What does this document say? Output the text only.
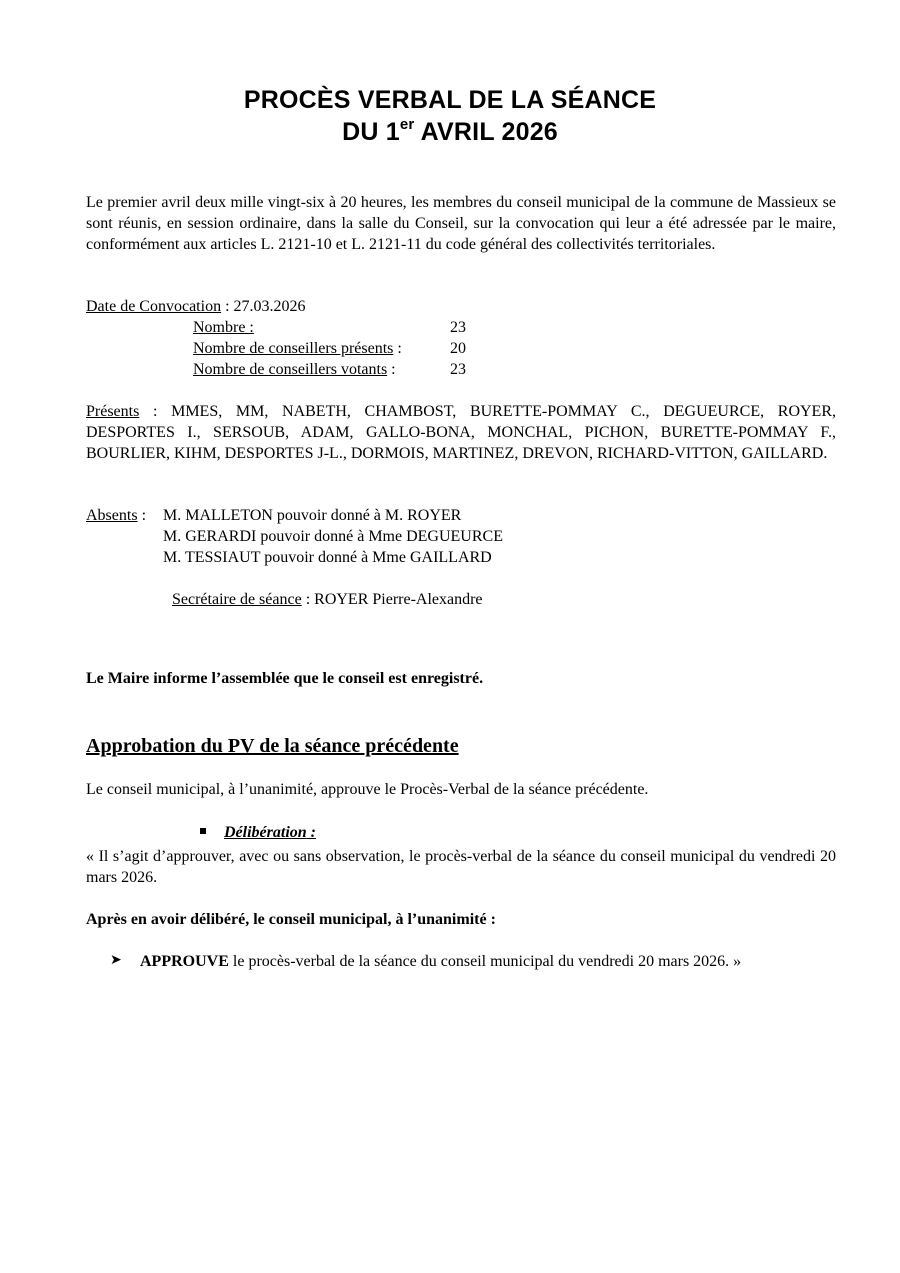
PROCÈS VERBAL DE LA SÉANCE
DU 1er AVRIL 2026
Le premier avril deux mille vingt-six à 20 heures, les membres du conseil municipal de la commune de Massieux se sont réunis, en session ordinaire, dans la salle du Conseil, sur la convocation qui leur a été adressée par le maire, conformément aux articles L. 2121-10 et L. 2121-11 du code général des collectivités territoriales.
Date de Convocation : 27.03.2026
Nombre :	23
Nombre de conseillers présents :	20
Nombre de conseillers votants :	23
Présents : MMES, MM, NABETH, CHAMBOST, BURETTE-POMMAY C., DEGUEURCE, ROYER, DESPORTES I., SERSOUB, ADAM, GALLO-BONA, MONCHAL, PICHON, BURETTE-POMMAY F., BOURLIER, KIHM, DESPORTES J-L., DORMOIS, MARTINEZ, DREVON, RICHARD-VITTON, GAILLARD.
Absents : M. MALLETON pouvoir donné à M. ROYER
M. GERARDI pouvoir donné à Mme DEGUEURCE
M. TESSIAUT pouvoir donné à Mme GAILLARD
Secrétaire de séance : ROYER Pierre-Alexandre
Le Maire informe l’assemblée que le conseil est enregistré.
Approbation du PV de la séance précédente
Le conseil municipal, à l’unanimité, approuve le Procès-Verbal de la séance précédente.
Délibération :
« Il s’agit d’approuver, avec ou sans observation, le procès-verbal de la séance du conseil municipal du vendredi 20 mars 2026.
Après en avoir délibéré, le conseil municipal, à l’unanimité :
➤ APPROUVE le procès-verbal de la séance du conseil municipal du vendredi 20 mars 2026. »
